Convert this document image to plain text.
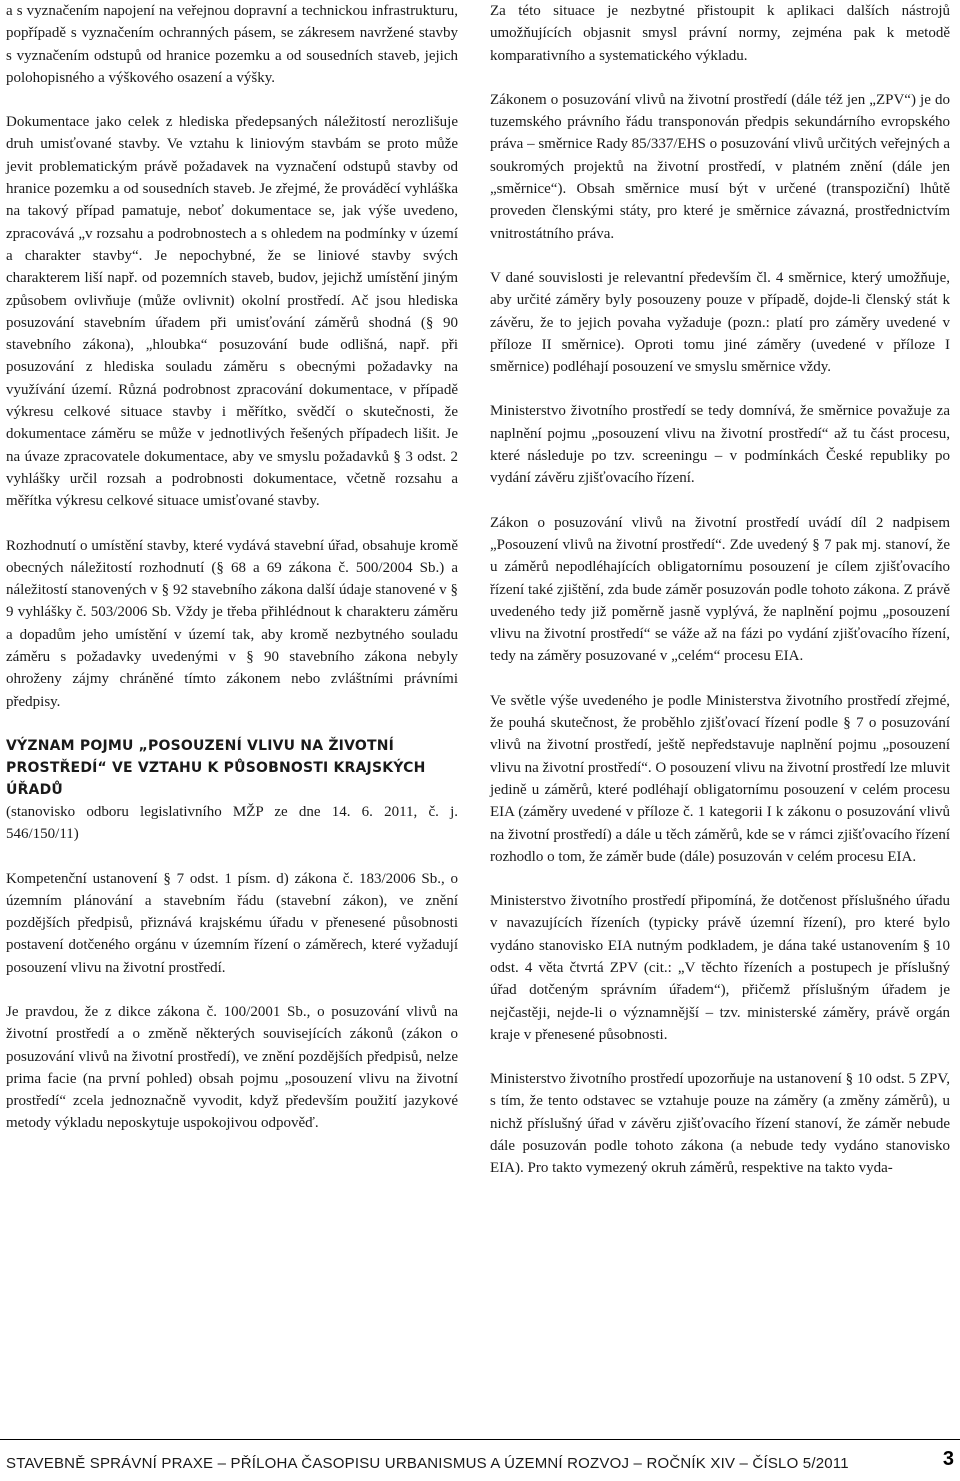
a s vyznačením napojení na veřejnou dopravní a technickou infrastrukturu, popřípadě s vyznačením ochranných pásem, se zákresem navržené stavby s vyznačením odstupů od hranice pozemku a od sousedních staveb, jejich polohopisného a výškového osazení a výšky.

Dokumentace jako celek z hlediska předepsaných náležitostí nerozlišuje druh umisťované stavby. Ve vztahu k liniovým stavbám se proto může jevit problematickým právě požadavek na vyznačení odstupů stavby od hranice pozemku a od sousedních staveb. Je zřejmé, že prováděcí vyhláška na takový případ pamatuje, neboť dokumentace se, jak výše uvedeno, zpracovává „v rozsahu a podrobnostech a s ohledem na podmínky v území a charakter stavby“. Je nepochybné, že se liniové stavby svých charakterem liší např. od pozemních staveb, budov, jejichž umístění jiným způsobem ovlivňuje (může ovlivnit) okolní prostředí. Ač jsou hlediska posuzování stavebním úřadem při umisťování záměrů shodná (§ 90 stavebního zákona), „hloubka“ posuzování bude odlišná, např. při posuzování z hlediska souladu záměru s obecnými požadavky na využívání území. Různá podrobnost zpracování dokumentace, v případě výkresu celkové situace stavby i měřítko, svědčí o skutečnosti, že dokumentace záměru se může v jednotlivých řešených případech lišit. Je na úvaze zpracovatele dokumentace, aby ve smyslu požadavků § 3 odst. 2 vyhlášky určil rozsah a podrobnosti dokumentace, včetně rozsahu a měřítka výkresu celkové situace umisťované stavby.

Rozhodnutí o umístění stavby, které vydává stavební úřad, obsahuje kromě obecných náležitostí rozhodnutí (§ 68 a 69 zákona č. 500/2004 Sb.) a náležitostí stanovených v § 92 stavebního zákona další údaje stanovené v § 9 vyhlášky č. 503/2006 Sb. Vždy je třeba přihlédnout k charakteru záměru a dopadům jeho umístění v území tak, aby kromě nezbytného souladu záměru s požadavky uvedenými v § 90 stavebního zákona nebyly ohroženy zájmy chráněné tímto zákonem nebo zvláštními právními předpisy.

VÝZNAM POJMU „POSOUZENÍ VLIVU NA ŽIVOTNÍ PROSTŘEDÍ“ VE VZTAHU K PŮSOBNOSTI KRAJSKÝCH ÚŘADŮ

(stanovisko odboru legislativního MŽP ze dne 14. 6. 2011, č. j. 546/150/11)

Kompetenční ustanovení § 7 odst. 1 písm. d) zákona č. 183/2006 Sb., o územním plánování a stavebním řádu (stavební zákon), ve znění pozdějších předpisů, přiznává krajskému úřadu v přenesené působnosti postavení dotčeného orgánu v územním řízení o záměrech, které vyžadují posouzení vlivu na životní prostředí.

Je pravdou, že z dikce zákona č. 100/2001 Sb., o posuzování vlivů na životní prostředí a o změně některých souvisejících zákonů (zákon o posuzování vlivů na životní prostředí), ve znění pozdějších předpisů, nelze prima facie (na první pohled) obsah pojmu „posouzení vlivu na životní prostředí“ zcela jednoznačně vyvodit, když především použití jazykové metody výkladu neposkytuje uspokojivou odpověď.

Za této situace je nezbytné přistoupit k aplikaci dalších nástrojů umožňujících objasnit smysl právní normy, zejména pak k metodě komparativního a systematického výkladu.

Zákonem o posuzování vlivů na životní prostředí (dále též jen „ZPV“) je do tuzemského právního řádu transponován předpis sekundárního evropského práva – směrnice Rady 85/337/EHS o posuzování vlivů určitých veřejných a soukromých projektů na životní prostředí, v platném znění (dále jen „směrnice“). Obsah směrnice musí být v určené (transpoziční) lhůtě proveden členskými státy, pro které je směrnice závazná, prostřednictvím vnitrostátního práva.

V dané souvislosti je relevantní především čl. 4 směrnice, který umožňuje, aby určité záměry byly posouzeny pouze v případě, dojde-li členský stát k závěru, že to jejich povaha vyžaduje (pozn.: platí pro záměry uvedené v příloze II směrnice). Oproti tomu jiné záměry (uvedené v příloze I směrnice) podléhají posouzení ve smyslu směrnice vždy.

Ministerstvo životního prostředí se tedy domnívá, že směrnice považuje za naplnění pojmu „posouzení vlivu na životní prostředí“ až tu část procesu, které následuje po tzv. screeningu – v podmínkách České republiky po vydání závěru zjišťovacího řízení.

Zákon o posuzování vlivů na životní prostředí uvádí díl 2 nadpisem „Posouzení vlivů na životní prostředí“. Zde uvedený § 7 pak mj. stanoví, že u záměrů nepodléhajících obligatornímu posouzení je cílem zjišťovacího řízení také zjištění, zda bude záměr posuzován podle tohoto zákona. Z právě uvedeného tedy již poměrně jasně vyplývá, že naplnění pojmu „posouzení vlivu na životní prostředí“ se váže až na fázi po vydání zjišťovacího řízení, tedy na záměry posuzované v „celém“ procesu EIA.

Ve světle výše uvedeného je podle Ministerstva životního prostředí zřejmé, že pouhá skutečnost, že proběhlo zjišťovací řízení podle § 7 o posuzování vlivů na životní prostředí, ještě nepředstavuje naplnění pojmu „posouzení vlivu na životní prostředí“. O posouzení vlivu na životní prostředí lze mluvit jedině u záměrů, které podléhají obligatornímu posouzení v celém procesu EIA (záměry uvedené v příloze č. 1 kategorii I k zákonu o posuzování vlivů na životní prostředí) a dále u těch záměrů, kde se v rámci zjišťovacího řízení rozhodlo o tom, že záměr bude (dále) posuzován v celém procesu EIA.

Ministerstvo životního prostředí připomíná, že dotčenost příslušného úřadu v navazujících řízeních (typicky právě územní řízení), pro které bylo vydáno stanovisko EIA nutným podkladem, je dána také ustanovením § 10 odst. 4 věta čtvrtá ZPV (cit.: „V těchto řízeních a postupech je příslušný úřad dotčeným správním úřadem“), přičemž příslušným úřadem je nejčastěji, nejde-li o významnější – tzv. ministerské záměry, právě orgán kraje v přenesené působnosti.

Ministerstvo životního prostředí upozorňuje na ustanovení § 10 odst. 5 ZPV, s tím, že tento odstavec se vztahuje pouze na záměry (a změny záměrů), u nichž příslušný úřad v závěru zjišťovacího řízení stanoví, že záměr nebude dále posuzován podle tohoto zákona (a nebude tedy vydáno stanovisko EIA). Pro takto vymezený okruh záměrů, respektive na takto vyda-

STAVEBNĚ SPRÁVNÍ PRAXE – PŘÍLOHA ČASOPISU URBANISMUS A ÚZEMNÍ ROZVOJ – ROČNÍK XIV – ČÍSLO 5/2011	3
